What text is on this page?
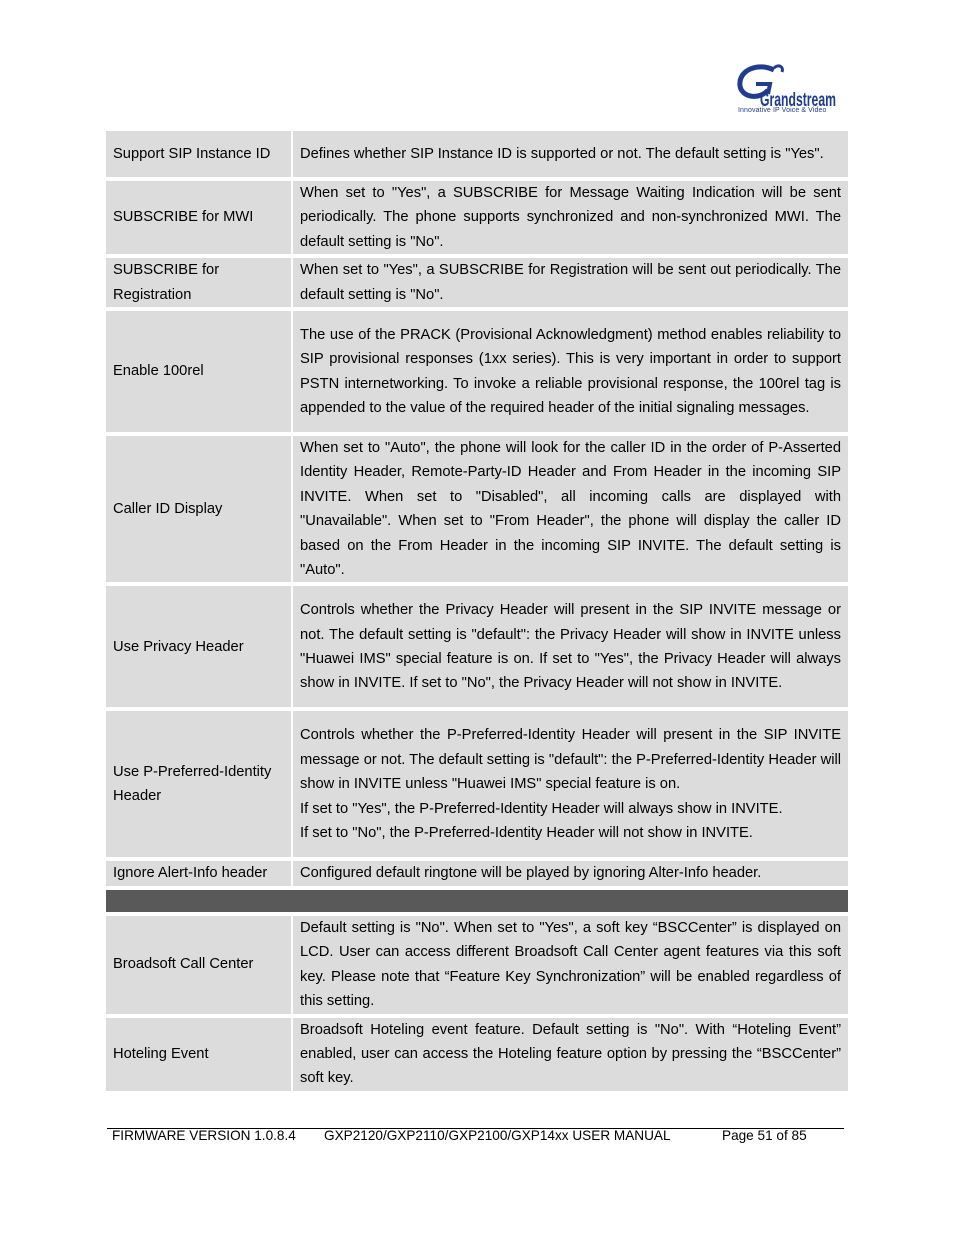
Grandstream
Innovative IP Voice & Video
Support SIP Instance ID	Defines whether SIP Instance ID is supported or not. The default setting is "Yes".
SUBSCRIBE for MWI	When set to "Yes", a SUBSCRIBE for Message Waiting Indication will be sent periodically. The phone supports synchronized and non-synchronized MWI. The default setting is "No".
SUBSCRIBE for Registration	When set to "Yes", a SUBSCRIBE for Registration will be sent out periodically. The default setting is "No".
Enable 100rel	The use of the PRACK (Provisional Acknowledgment) method enables reliability to SIP provisional responses (1xx series). This is very important in order to support PSTN internetworking. To invoke a reliable provisional response, the 100rel tag is appended to the value of the required header of the initial signaling messages.
Caller ID Display	When set to "Auto", the phone will look for the caller ID in the order of P-Asserted Identity Header, Remote-Party-ID Header and From Header in the incoming SIP INVITE. When set to "Disabled", all incoming calls are displayed with "Unavailable". When set to "From Header", the phone will display the caller ID based on the From Header in the incoming SIP INVITE. The default setting is "Auto".
Use Privacy Header	Controls whether the Privacy Header will present in the SIP INVITE message or not. The default setting is "default": the Privacy Header will show in INVITE unless "Huawei IMS" special feature is on. If set to "Yes", the Privacy Header will always show in INVITE. If set to "No", the Privacy Header will not show in INVITE.
Use P-Preferred-Identity Header	Controls whether the P-Preferred-Identity Header will present in the SIP INVITE message or not. The default setting is "default": the P-Preferred-Identity Header will show in INVITE unless "Huawei IMS" special feature is on.
If set to "Yes", the P-Preferred-Identity Header will always show in INVITE.
If set to "No", the P-Preferred-Identity Header will not show in INVITE.

Ignore Alert-Info header	Configured default ringtone will be played by ignoring Alter-Info header.

Broadsoft Call Center	Default setting is "No". When set to "Yes", a soft key “BSCCenter” is displayed on LCD. User can access different Broadsoft Call Center agent features via this soft key. Please note that “Feature Key Synchronization” will be enabled regardless of this setting.
Hoteling Event	Broadsoft Hoteling event feature. Default setting is "No". With “Hoteling Event” enabled, user can access the Hoteling feature option by pressing the “BSCCenter” soft key.
FIRMWARE VERSION 1.0.8.4 GXP2120/GXP2110/GXP2100/GXP14xx USER MANUAL	Page 51 of 85
